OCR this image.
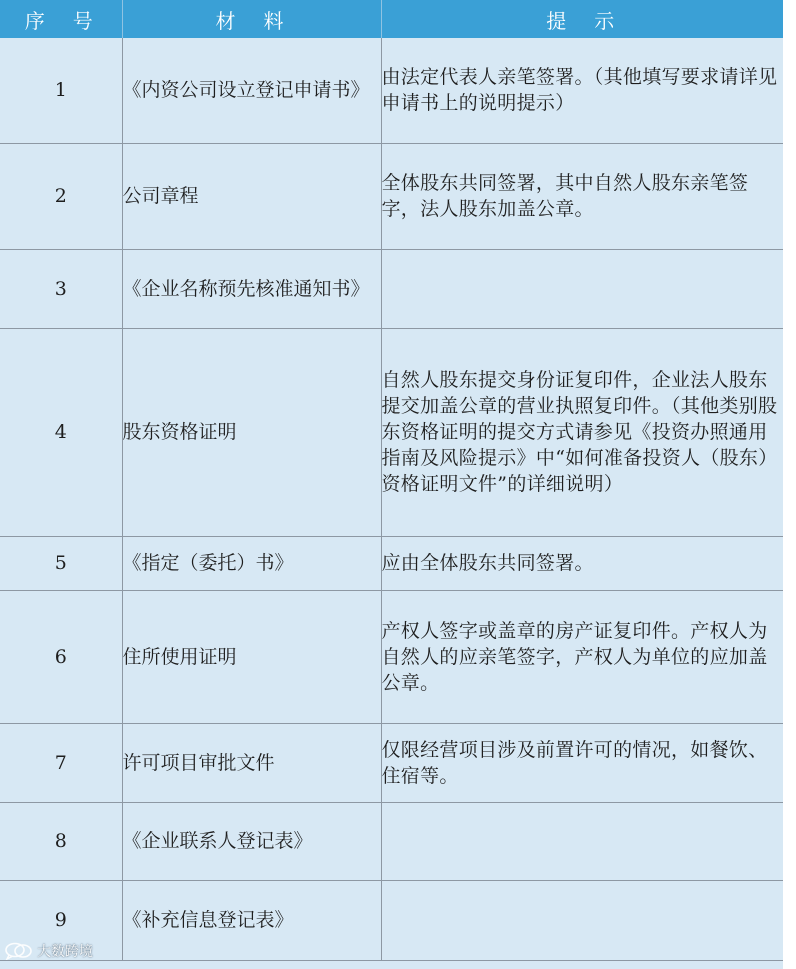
序　号	材　料	提　示
1	《内资公司设立登记申请书》	由法定代表人亲笔签署。（其他填写要求请详见申请书上的说明提示）
2	公司章程	全体股东共同签署，其中自然人股东亲笔签字，法人股东加盖公章。
3	《企业名称预先核准通知书》	
4	股东资格证明	自然人股东提交身份证复印件，企业法人股东提交加盖公章的营业执照复印件。（其他类别股东资格证明的提交方式请参见《投资办照通用指南及风险提示》中“如何准备投资人（股东）资格证明文件”的详细说明）
5	《指定（委托）书》	应由全体股东共同签署。
6	住所使用证明	产权人签字或盖章的房产证复印件。产权人为自然人的应亲笔签字，产权人为单位的应加盖公章。
7	许可项目审批文件	仅限经营项目涉及前置许可的情况，如餐饮、住宿等。
8	《企业联系人登记表》	
9	《补充信息登记表》	
大数跨境
